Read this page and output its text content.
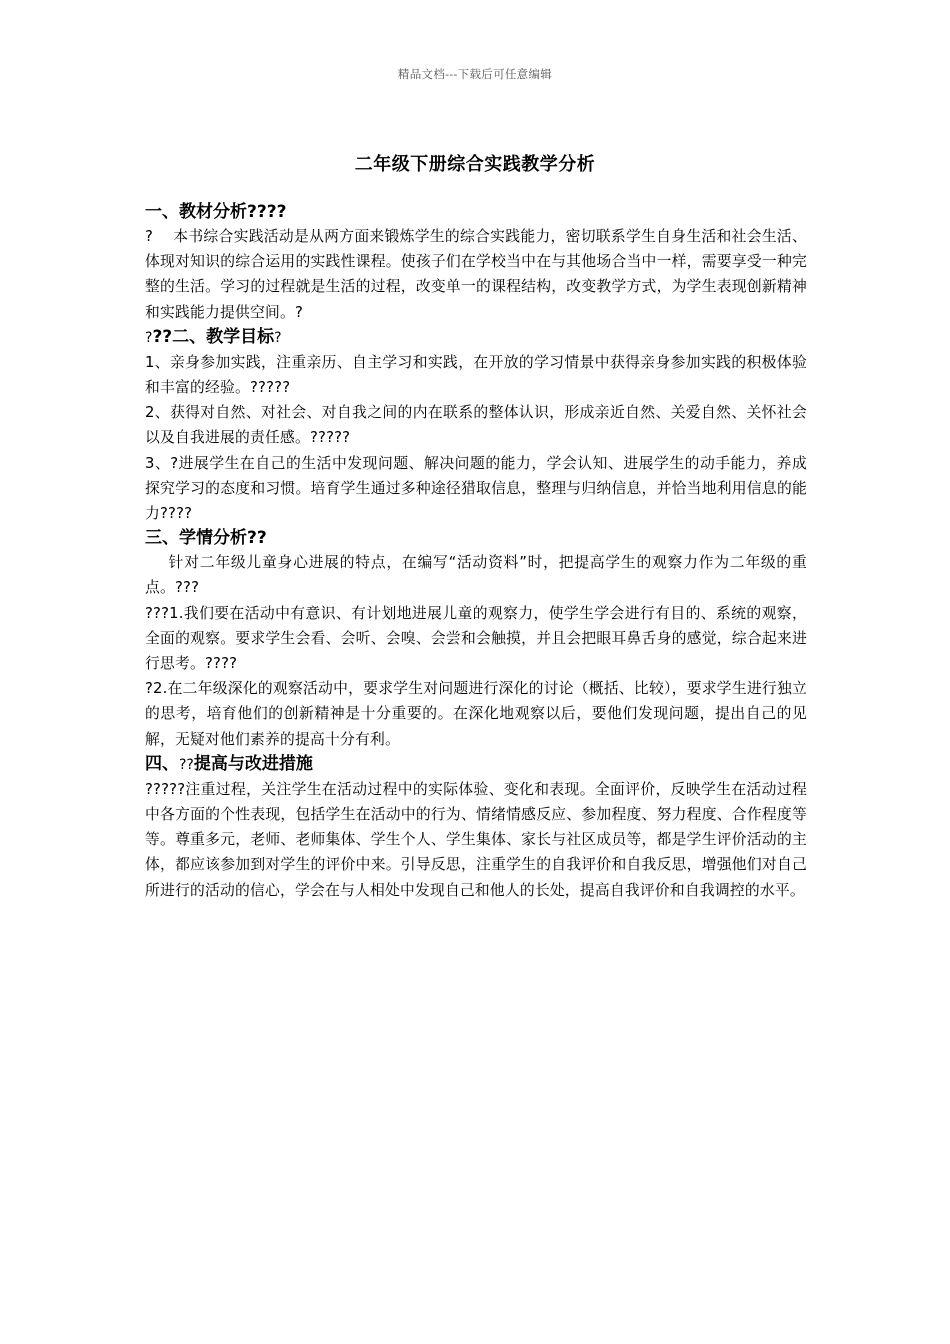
精品文档---下载后可任意编辑
二年级下册综合实践教学分析
一、教材分析????

?　 本书综合实践活动是从两方面来锻炼学生的综合实践能力，密切联系学生自身生活和社会生活、体现对知识的综合运用的实践性课程。使孩子们在学校当中在与其他场合当中一样，需要享受一种完整的生活。学习的过程就是生活的过程，改变单一的课程结构，改变教学方式，为学生表现创新精神和实践能力提供空间。?

???二、教学目标?

1、亲身参加实践，注重亲历、自主学习和实践，在开放的学习情景中获得亲身参加实践的积极体验和丰富的经验。?????

2、获得对自然、对社会、对自我之间的内在联系的整体认识，形成亲近自然、关爱自然、关怀社会以及自我进展的责任感。?????

3、?进展学生在自己的生活中发现问题、解决问题的能力，学会认知、进展学生的动手能力，养成探究学习的态度和习惯。培育学生通过多种途径猎取信息，整理与归纳信息，并恰当地利用信息的能力????

三、学情分析??

针对二年级儿童身心进展的特点，在编写“活动资料”时，把提高学生的观察力作为二年级的重点。???

???1.我们要在活动中有意识、有计划地进展儿童的观察力，使学生学会进行有目的、系统的观察，全面的观察。要求学生会看、会听、会嗅、会尝和会触摸，并且会把眼耳鼻舌身的感觉，综合起来进行思考。????

?2.在二年级深化的观察活动中，要求学生对问题进行深化的讨论（概括、比较），要求学生进行独立的思考，培育他们的创新精神是十分重要的。在深化地观察以后，要他们发现问题，提出自己的见解，无疑对他们素养的提高十分有利。

四、??提高与改进措施

?????注重过程，关注学生在活动过程中的实际体验、变化和表现。全面评价，反映学生在活动过程中各方面的个性表现，包括学生在活动中的行为、情绪情感反应、参加程度、努力程度、合作程度等等。尊重多元，老师、老师集体、学生个人、学生集体、家长与社区成员等，都是学生评价活动的主体，都应该参加到对学生的评价中来。引导反思，注重学生的自我评价和自我反思，增强他们对自己所进行的活动的信心，学会在与人相处中发现自己和他人的长处，提高自我评价和自我调控的水平。
